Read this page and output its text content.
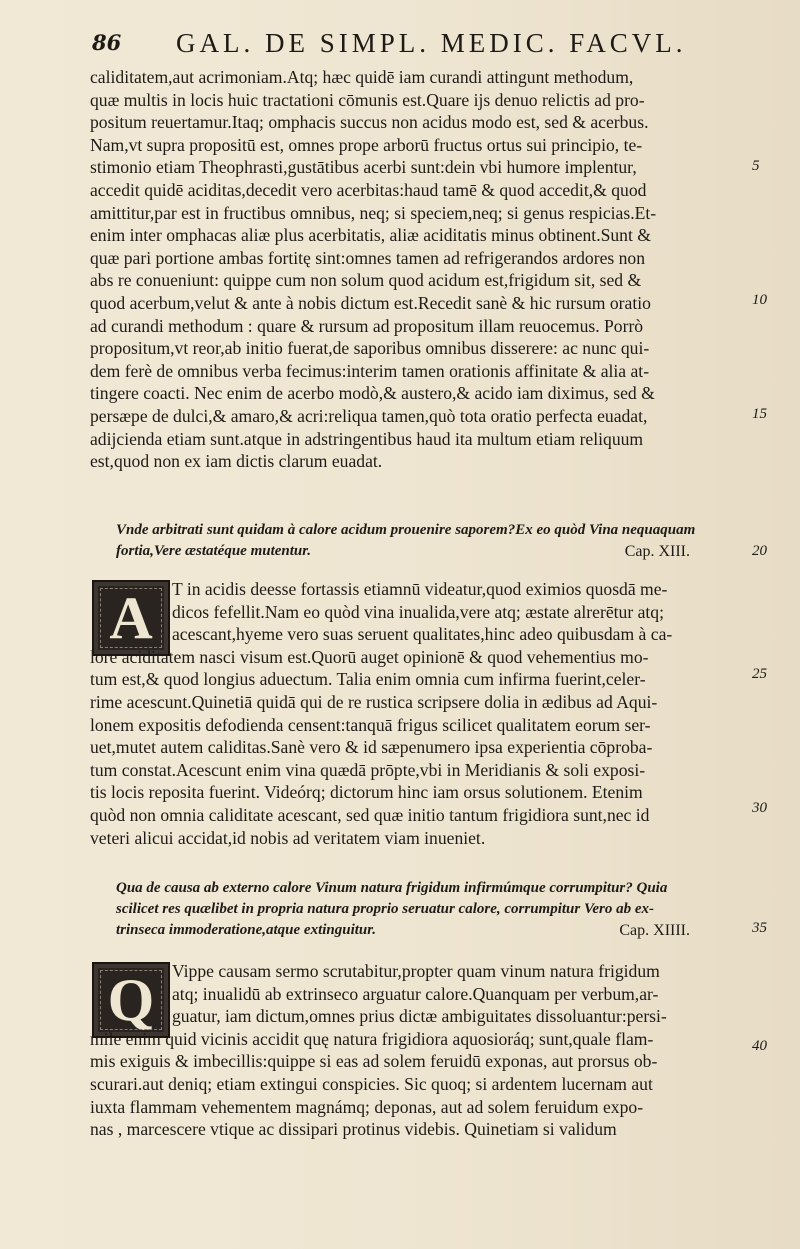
86 GAL. DE SIMPL. MEDIC. FACVL.
caliditatem,aut acrimoniam.Atq; hæc quidē iam curandi attingunt methodum,
quæ multis in locis huic tractationi cōmunis est.Quare ijs denuo relictis ad pro-
positum reuertamur.Itaq; omphacis succus non acidus modo est, sed & acerbus.
Nam,vt supra propositū est, omnes prope arborū fructus ortus sui principio, te-
stimonio etiam Theophrasti,gustātibus acerbi sunt:dein vbi humore implentur,
accedit quidē aciditas,decedit vero acerbitas:haud tamē & quod accedit,& quod
amittitur,par est in fructibus omnibus, neq; si speciem,neq; si genus respicias.Et-
enim inter omphacas aliæ plus acerbitatis, aliæ aciditatis minus obtinent.Sunt &
quæ pari portione ambas fortitę sint:omnes tamen ad refrigerandos ardores non
abs re conueniunt: quippe cum non solum quod acidum est,frigidum sit, sed &
quod acerbum,velut & ante à nobis dictum est.Recedit sanè & hic rursum oratio
ad curandi methodum : quare & rursum ad propositum illam reuocemus. Porrò
propositum,vt reor,ab initio fuerat,de saporibus omnibus disserere: ac nunc qui-
dem ferè de omnibus verba fecimus:interim tamen orationis affinitate & alia at-
tingere coacti. Nec enim de acerbo modò,& austero,& acido iam diximus, sed &
persæpe de dulci,& amaro,& acri:reliqua tamen,quò tota oratio perfecta euadat,
adijcienda etiam sunt.atque in adstringentibus haud ita multum etiam reliquum
est,quod non ex iam dictis clarum euadat.
Vnde arbitrati sunt quidam à calore acidum prouenire saporem?Ex eo quòd Vina nequaquam
fortia,Vere æstatéque mutentur.	Cap. XIII.
A	T in acidis deesse fortassis etiamnū videatur,quod eximios quosdā me-
dicos fefellit.Nam eo quòd vina inualida,vere atq; æstate alrerētur atq;
acescant,hyeme vero suas seruent qualitates,hinc adeo quibusdam à ca-
lore aciditatem nasci visum est.Quorū auget opinionē & quod vehementius mo-
tum est,& quod longius aduectum. Talia enim omnia cum infirma fuerint,celer-
rime acescunt.Quinetiā quidā qui de re rustica scripsere dolia in ædibus ad Aqui-
lonem expositis defodienda censent:tanquā frigus scilicet qualitatem eorum ser-
uet,mutet autem caliditas.Sanè vero & id sæpenumero ipsa experientia cōproba-
tum constat.Acescunt enim vina quædā prōpte,vbi in Meridianis & soli exposi-
tis locis reposita fuerint. Videórq; dictorum hinc iam orsus solutionem. Etenim
quòd non omnia caliditate acescant, sed quæ initio tantum frigidiora sunt,nec id
veteri alicui accidat,id nobis ad veritatem viam inueniet.
Qua de causa ab externo calore Vinum natura frigidum infirmúmque corrumpitur? Quia
scilicet res quælibet in propria natura proprio seruatur calore, corrumpitur Vero ab ex-
trinseca immoderatione,atque extinguitur.	Cap. XIIII.
Q	Vippe causam sermo scrutabitur,propter quam vinum natura frigidum
atq; inualidū ab extrinseco arguatur calore.Quanquam per verbum,ar-
guatur, iam dictum,omnes prius dictæ ambiguitates dissoluantur:persi-
mile enim quid vicinis accidit quę natura frigidiora aquosioráq; sunt,quale flam-
mis exiguis & imbecillis:quippe si eas ad solem feruidū exponas, aut prorsus ob-
scurari.aut deniq; etiam extingui conspicies. Sic quoq; si ardentem lucernam aut
iuxta flammam vehementem magnámq; deponas, aut ad solem feruidum expo-
nas , marcescere vtique ac dissipari protinus videbis. Quinetiam si validum
5
10
15
20
25
30
35
40
